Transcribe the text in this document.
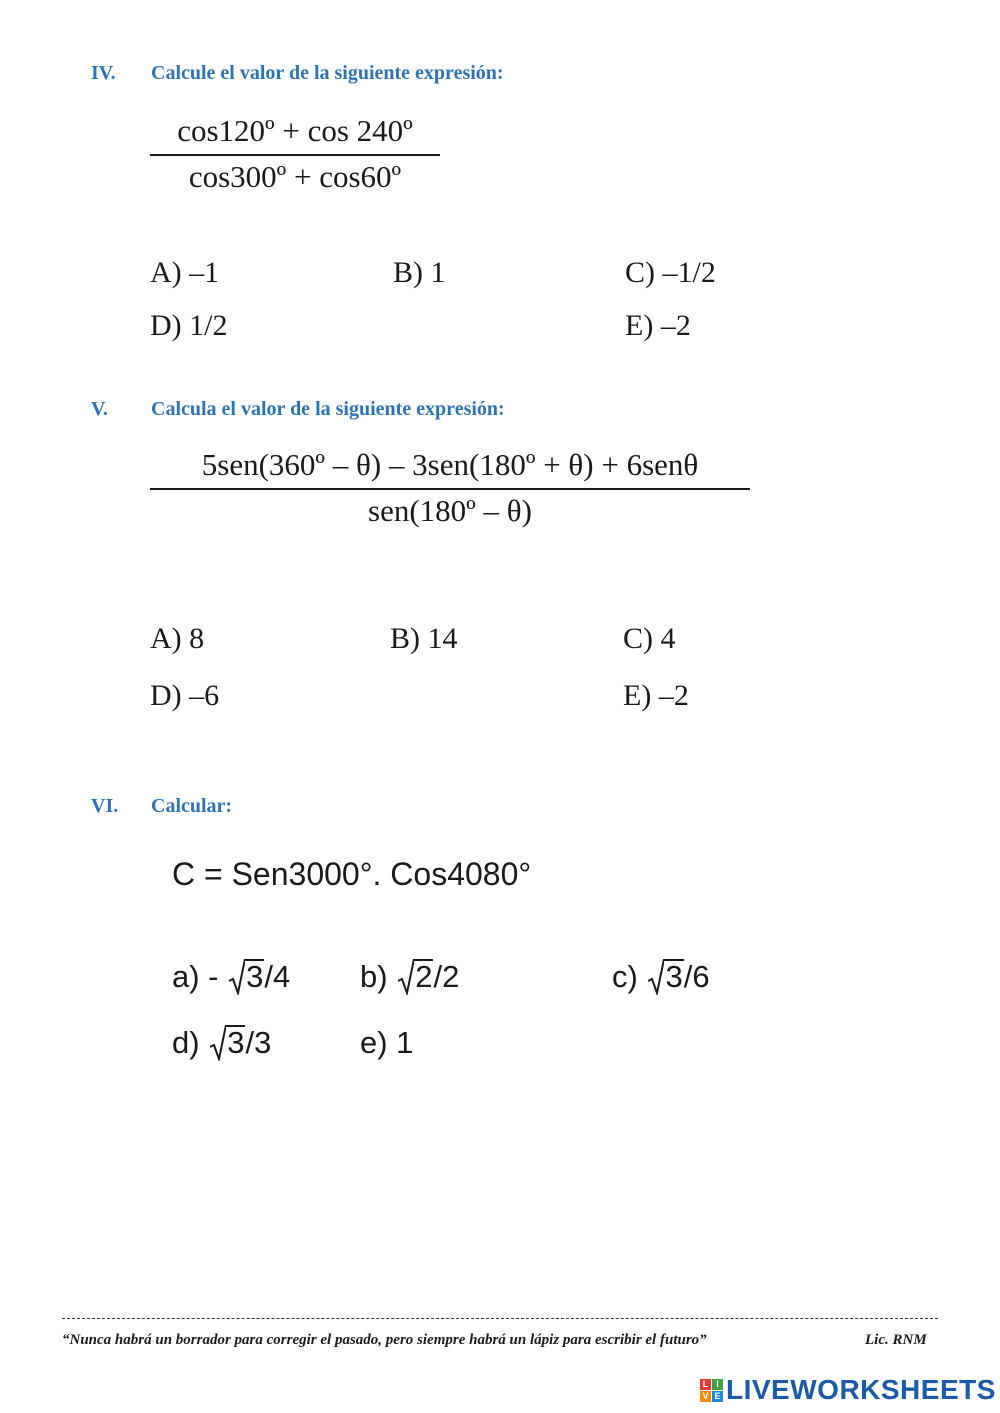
IV. Calcule el valor de la siguiente expresión:
cos120º + cos 240º
cos300º + cos60º
A) –1	B) 1	C) –1/2
D) 1/2	E) –2
V. Calcula el valor de la siguiente expresión:
5sen(360º – θ) – 3sen(180º + θ) + 6senθ
sen(180º – θ)
A) 8	B) 14	C) 4
D) –6	E) –2
VI. Calcular:
C = Sen3000°. Cos4080°
a) - 3/4 b) 2/2	c) 3/6
d) 3/3	e) 1
“Nunca habrá un borrador para corregir el pasado, pero siempre habrá un lápiz para escribir el futuro”	Lic. RNM
L I
V E LIVEWORKSHEETS
